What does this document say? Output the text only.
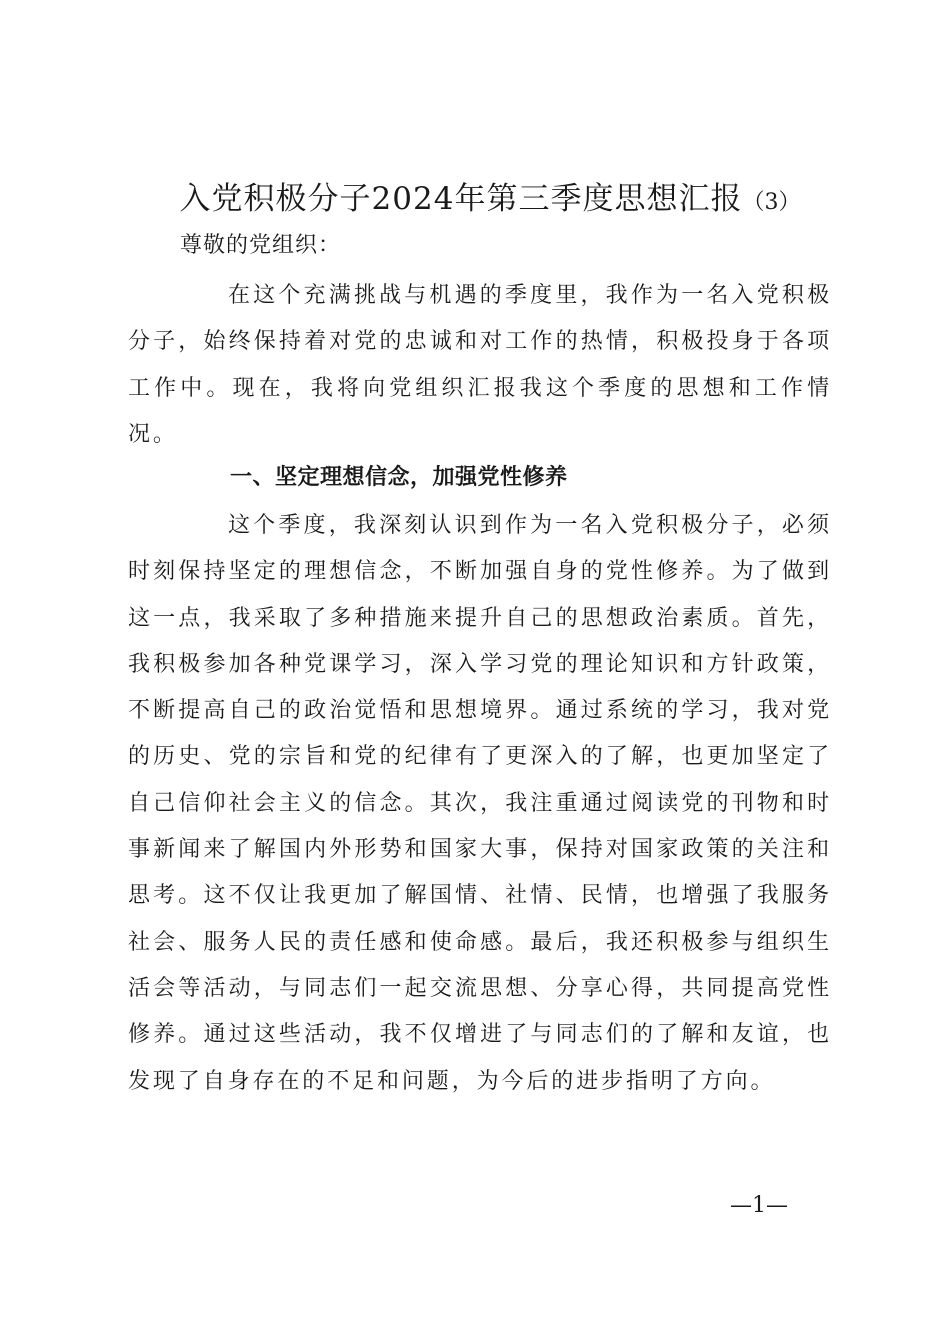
入党积极分子2024年第三季度思想汇报（3）
尊敬的党组织：

在这个充满挑战与机遇的季度里，我作为一名入党积极分子，始终保持着对党的忠诚和对工作的热情，积极投身于各项工作中。现在，我将向党组织汇报我这个季度的思想和工作情况。

一、坚定理想信念，加强党性修养

这个季度，我深刻认识到作为一名入党积极分子，必须时刻保持坚定的理想信念，不断加强自身的党性修养。为了做到这一点，我采取了多种措施来提升自己的思想政治素质。首先，我积极参加各种党课学习，深入学习党的理论知识和方针政策，不断提高自己的政治觉悟和思想境界。通过系统的学习，我对党的历史、党的宗旨和党的纪律有了更深入的了解，也更加坚定了自己信仰社会主义的信念。其次，我注重通过阅读党的刊物和时事新闻来了解国内外形势和国家大事，保持对国家政策的关注和思考。这不仅让我更加了解国情、社情、民情，也增强了我服务社会、服务人民的责任感和使命感。最后，我还积极参与组织生活会等活动，与同志们一起交流思想、分享心得，共同提高党性修养。通过这些活动，我不仅增进了与同志们的了解和友谊，也发现了自身存在的不足和问题，为今后的进步指明了方向。

—1—
